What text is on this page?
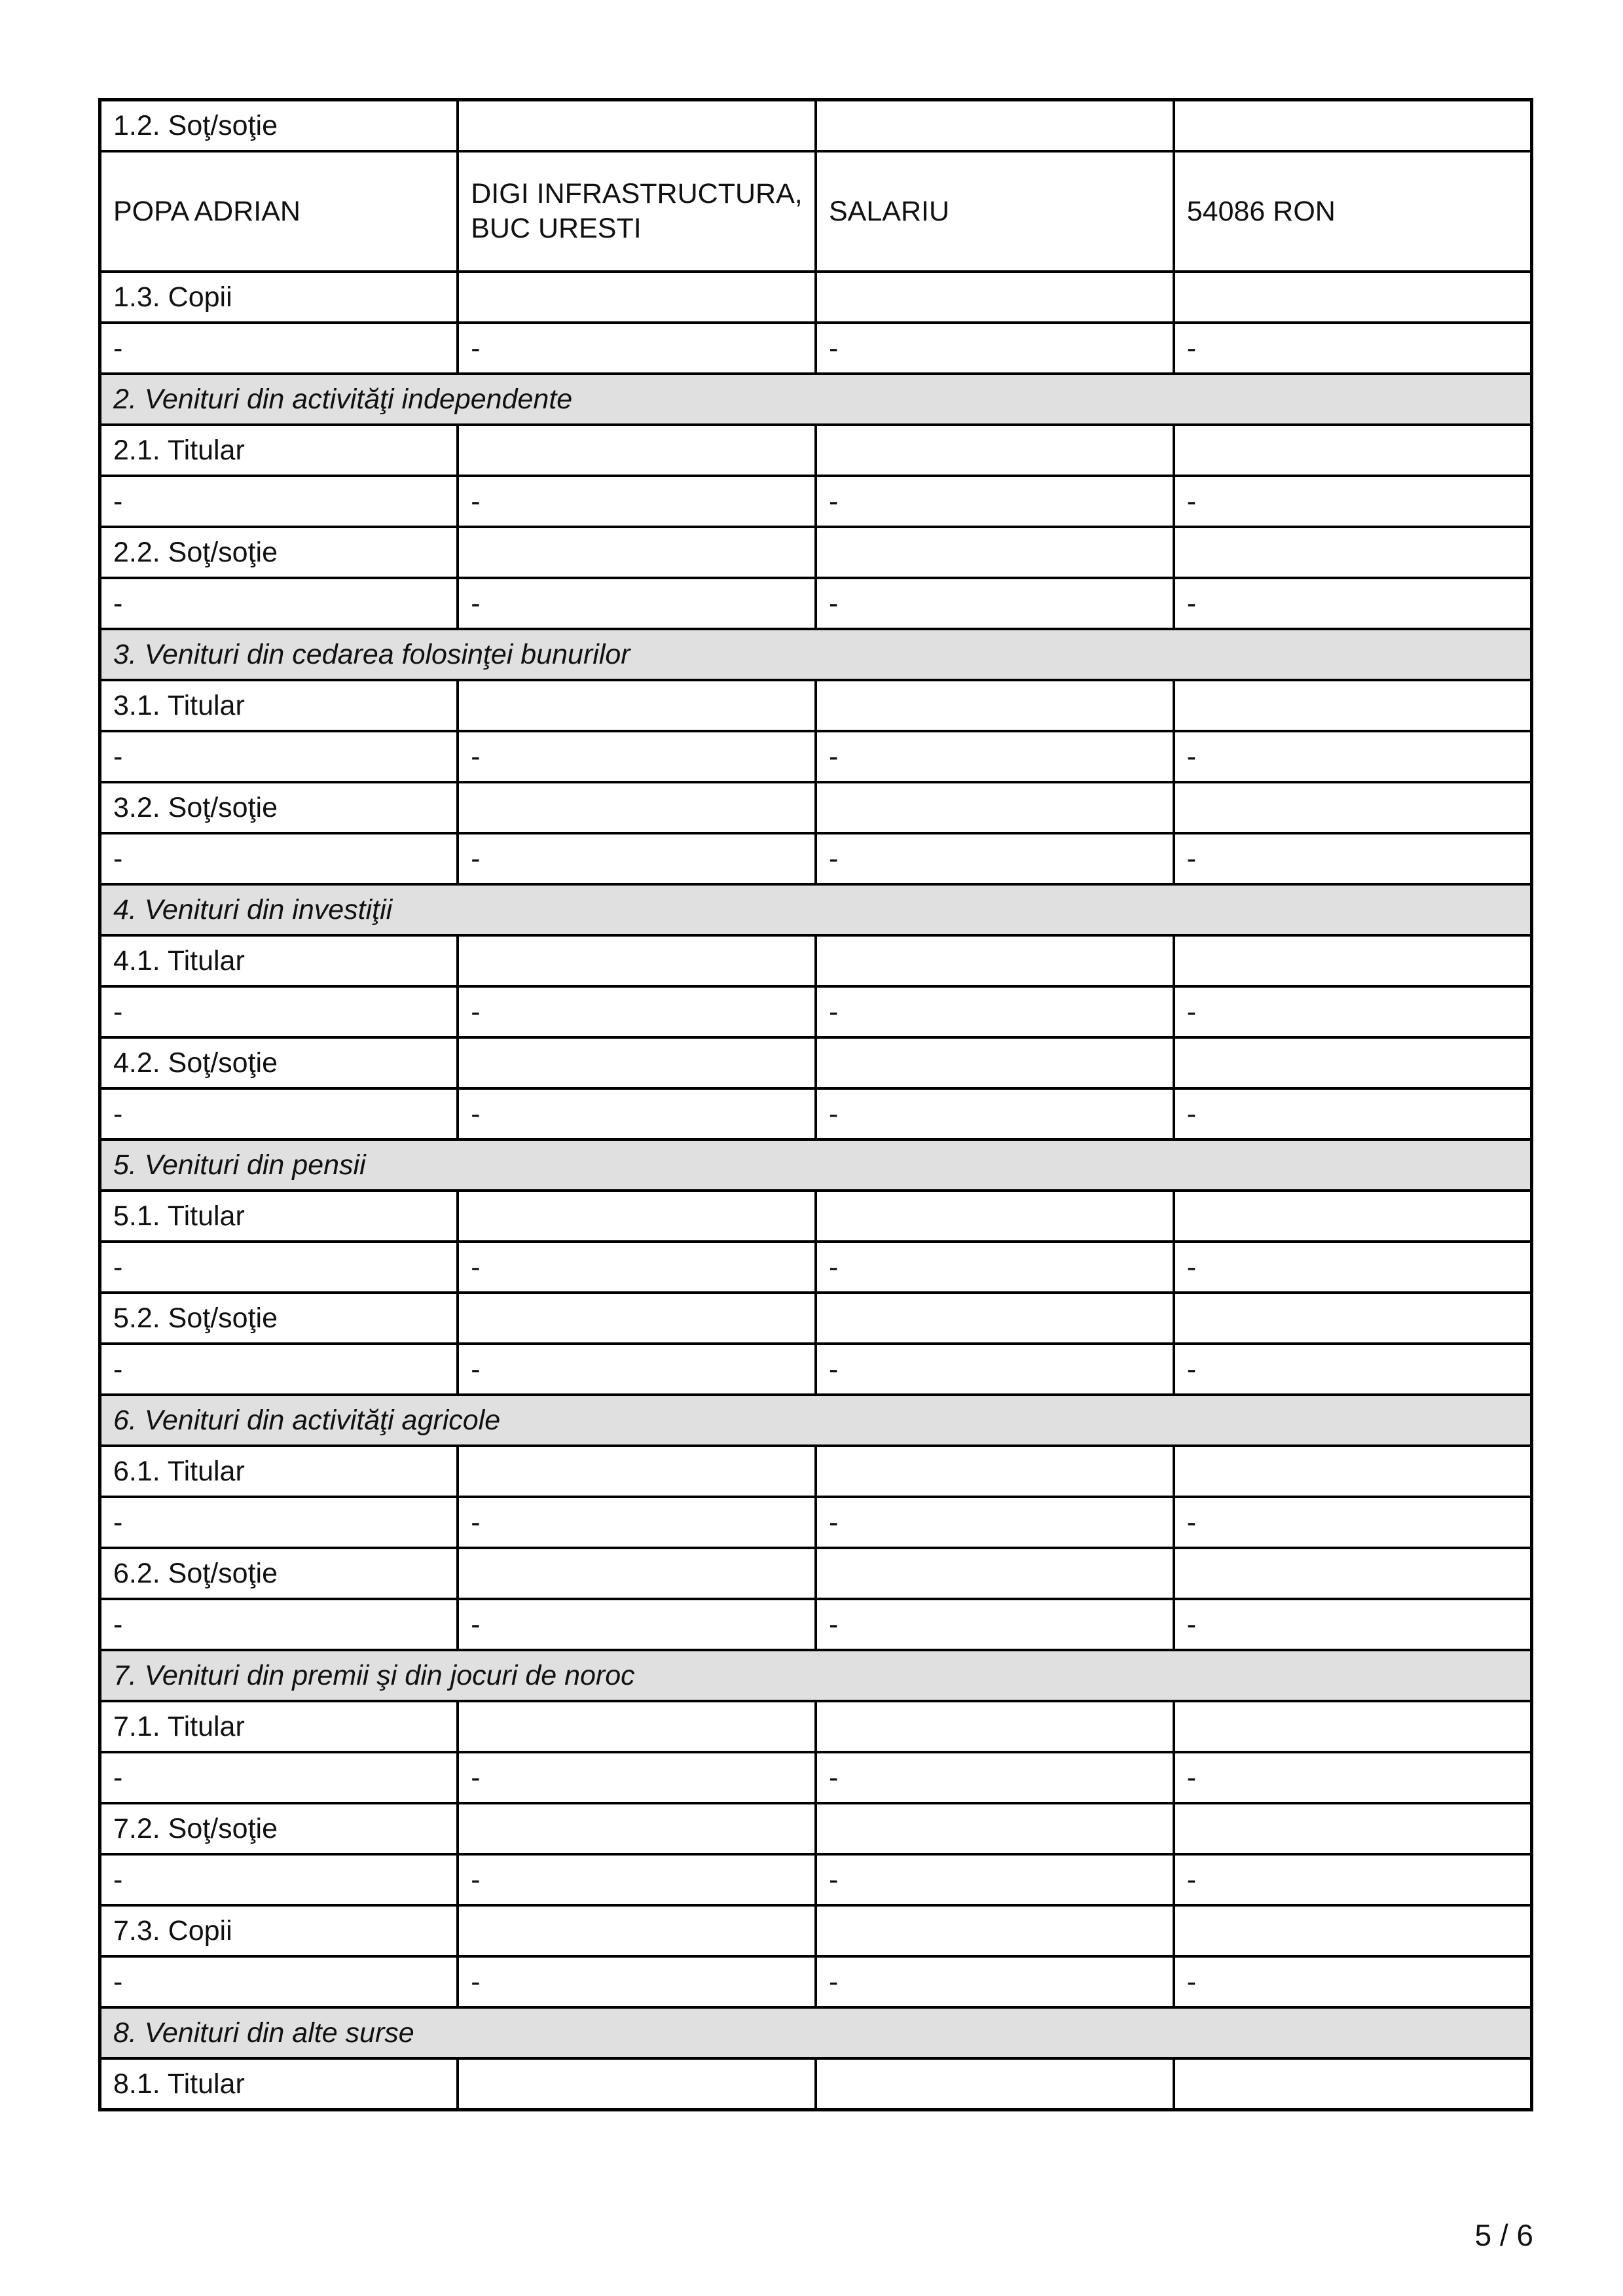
1.2. Soţ/soţie			
POPA ADRIAN	DIGI INFRASTRUCTURA, BUC URESTI	SALARIU	54086 RON
1.3. Copii			
-	-	-	-
2. Venituri din activităţi independente			
2.1. Titular			
-	-	-	-
2.2. Soţ/soţie			
-	-	-	-
3. Venituri din cedarea folosinţei bunurilor			
3.1. Titular			
-	-	-	-
3.2. Soţ/soţie			
-	-	-	-
4. Venituri din investiţii			
4.1. Titular			
-	-	-	-
4.2. Soţ/soţie			
-	-	-	-
5. Venituri din pensii			
5.1. Titular			
-	-	-	-
5.2. Soţ/soţie			
-	-	-	-
6. Venituri din activităţi agricole			
6.1. Titular			
-	-	-	-
6.2. Soţ/soţie			
-	-	-	-
7. Venituri din premii şi din jocuri de noroc			
7.1. Titular			
-	-	-	-
7.2. Soţ/soţie			
-	-	-	-
7.3. Copii			
-	-	-	-
8. Venituri din alte surse			
8.1. Titular			
5 / 6
